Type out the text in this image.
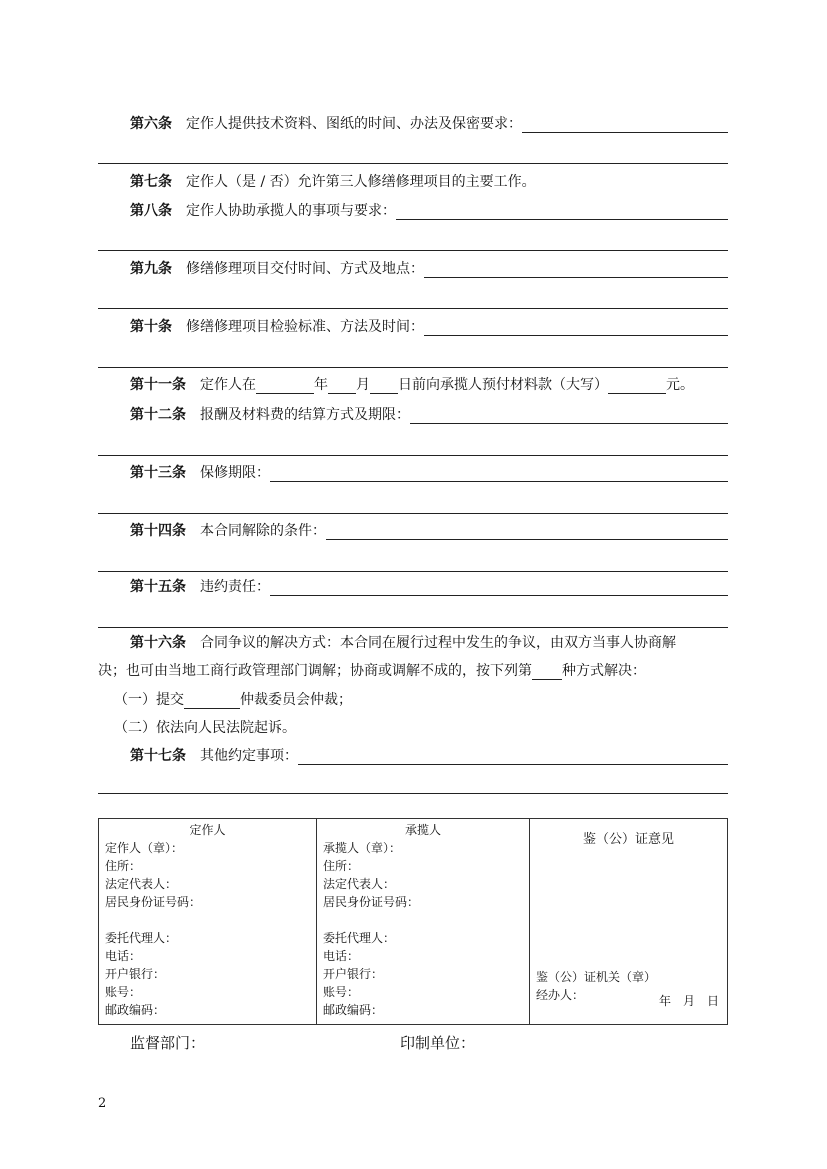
第六条 定作人提供技术资料、图纸的时间、办法及保密要求：
第七条 定作人（是 / 否）允许第三人修缮修理项目的主要工作。
第八条 定作人协助承揽人的事项与要求：
第九条 修缮修理项目交付时间、方式及地点：
第十条 修缮修理项目检验标准、方法及时间：
第十一条 定作人在	年 月 日前向承揽人预付材料款（大写）	元。
第十二条 报酬及材料费的结算方式及期限：
第十三条 保修期限：
第十四条 本合同解除的条件：
第十五条 违约责任：
第十六条 合同争议的解决方式：本合同在履行过程中发生的争议，由双方当事人协商解
决；也可由当地工商行政管理部门调解；协商或调解不成的，按下列第 种方式解决：
（一）提交	仲裁委员会仲裁；
（二）依法向人民法院起诉。
第十七条 其他约定事项：
定作人
定作人（章）：
住所：
法定代表人：
居民身份证号码：
委托代理人：
电话：
开户银行：
账号：
邮政编码：

承揽人
承揽人（章）：
住所：
法定代表人：
居民身份证号码：
委托代理人：
电话：
开户银行：
账号：
邮政编码：

鉴（公）证意见
鉴（公）证机关（章）
经办人：	年　月　日
监督部门：	印制单位：
2
